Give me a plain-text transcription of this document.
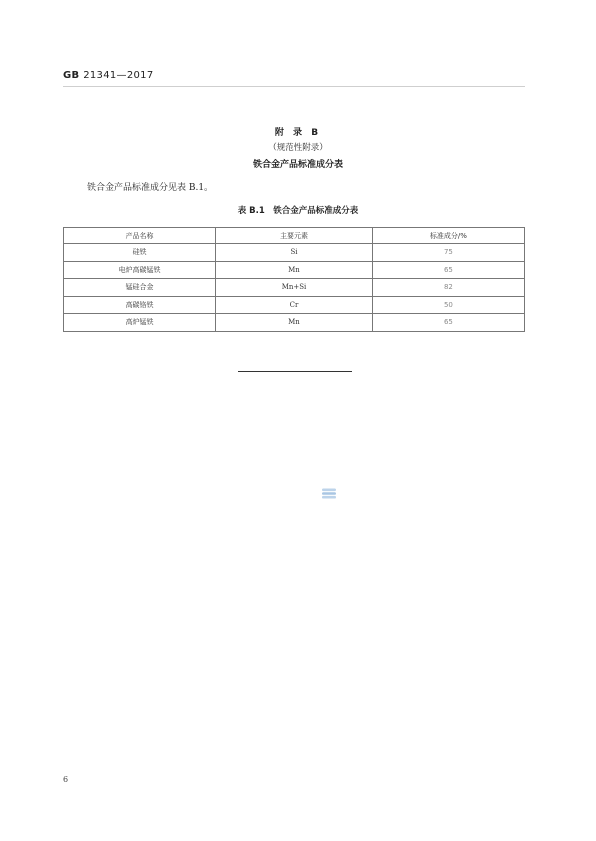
GB 21341—2017
附 录 B
（规范性附录）
铁合金产品标准成分表
铁合金产品标准成分见表 B.1。
表 B.1　铁合金产品标准成分表
产品名称	主要元素	标准成分/%
硅铁	Si	75
电炉高碳锰铁	Mn	65
锰硅合金	Mn+Si	82
高碳铬铁	Cr	50
高炉锰铁	Mn	65
6
